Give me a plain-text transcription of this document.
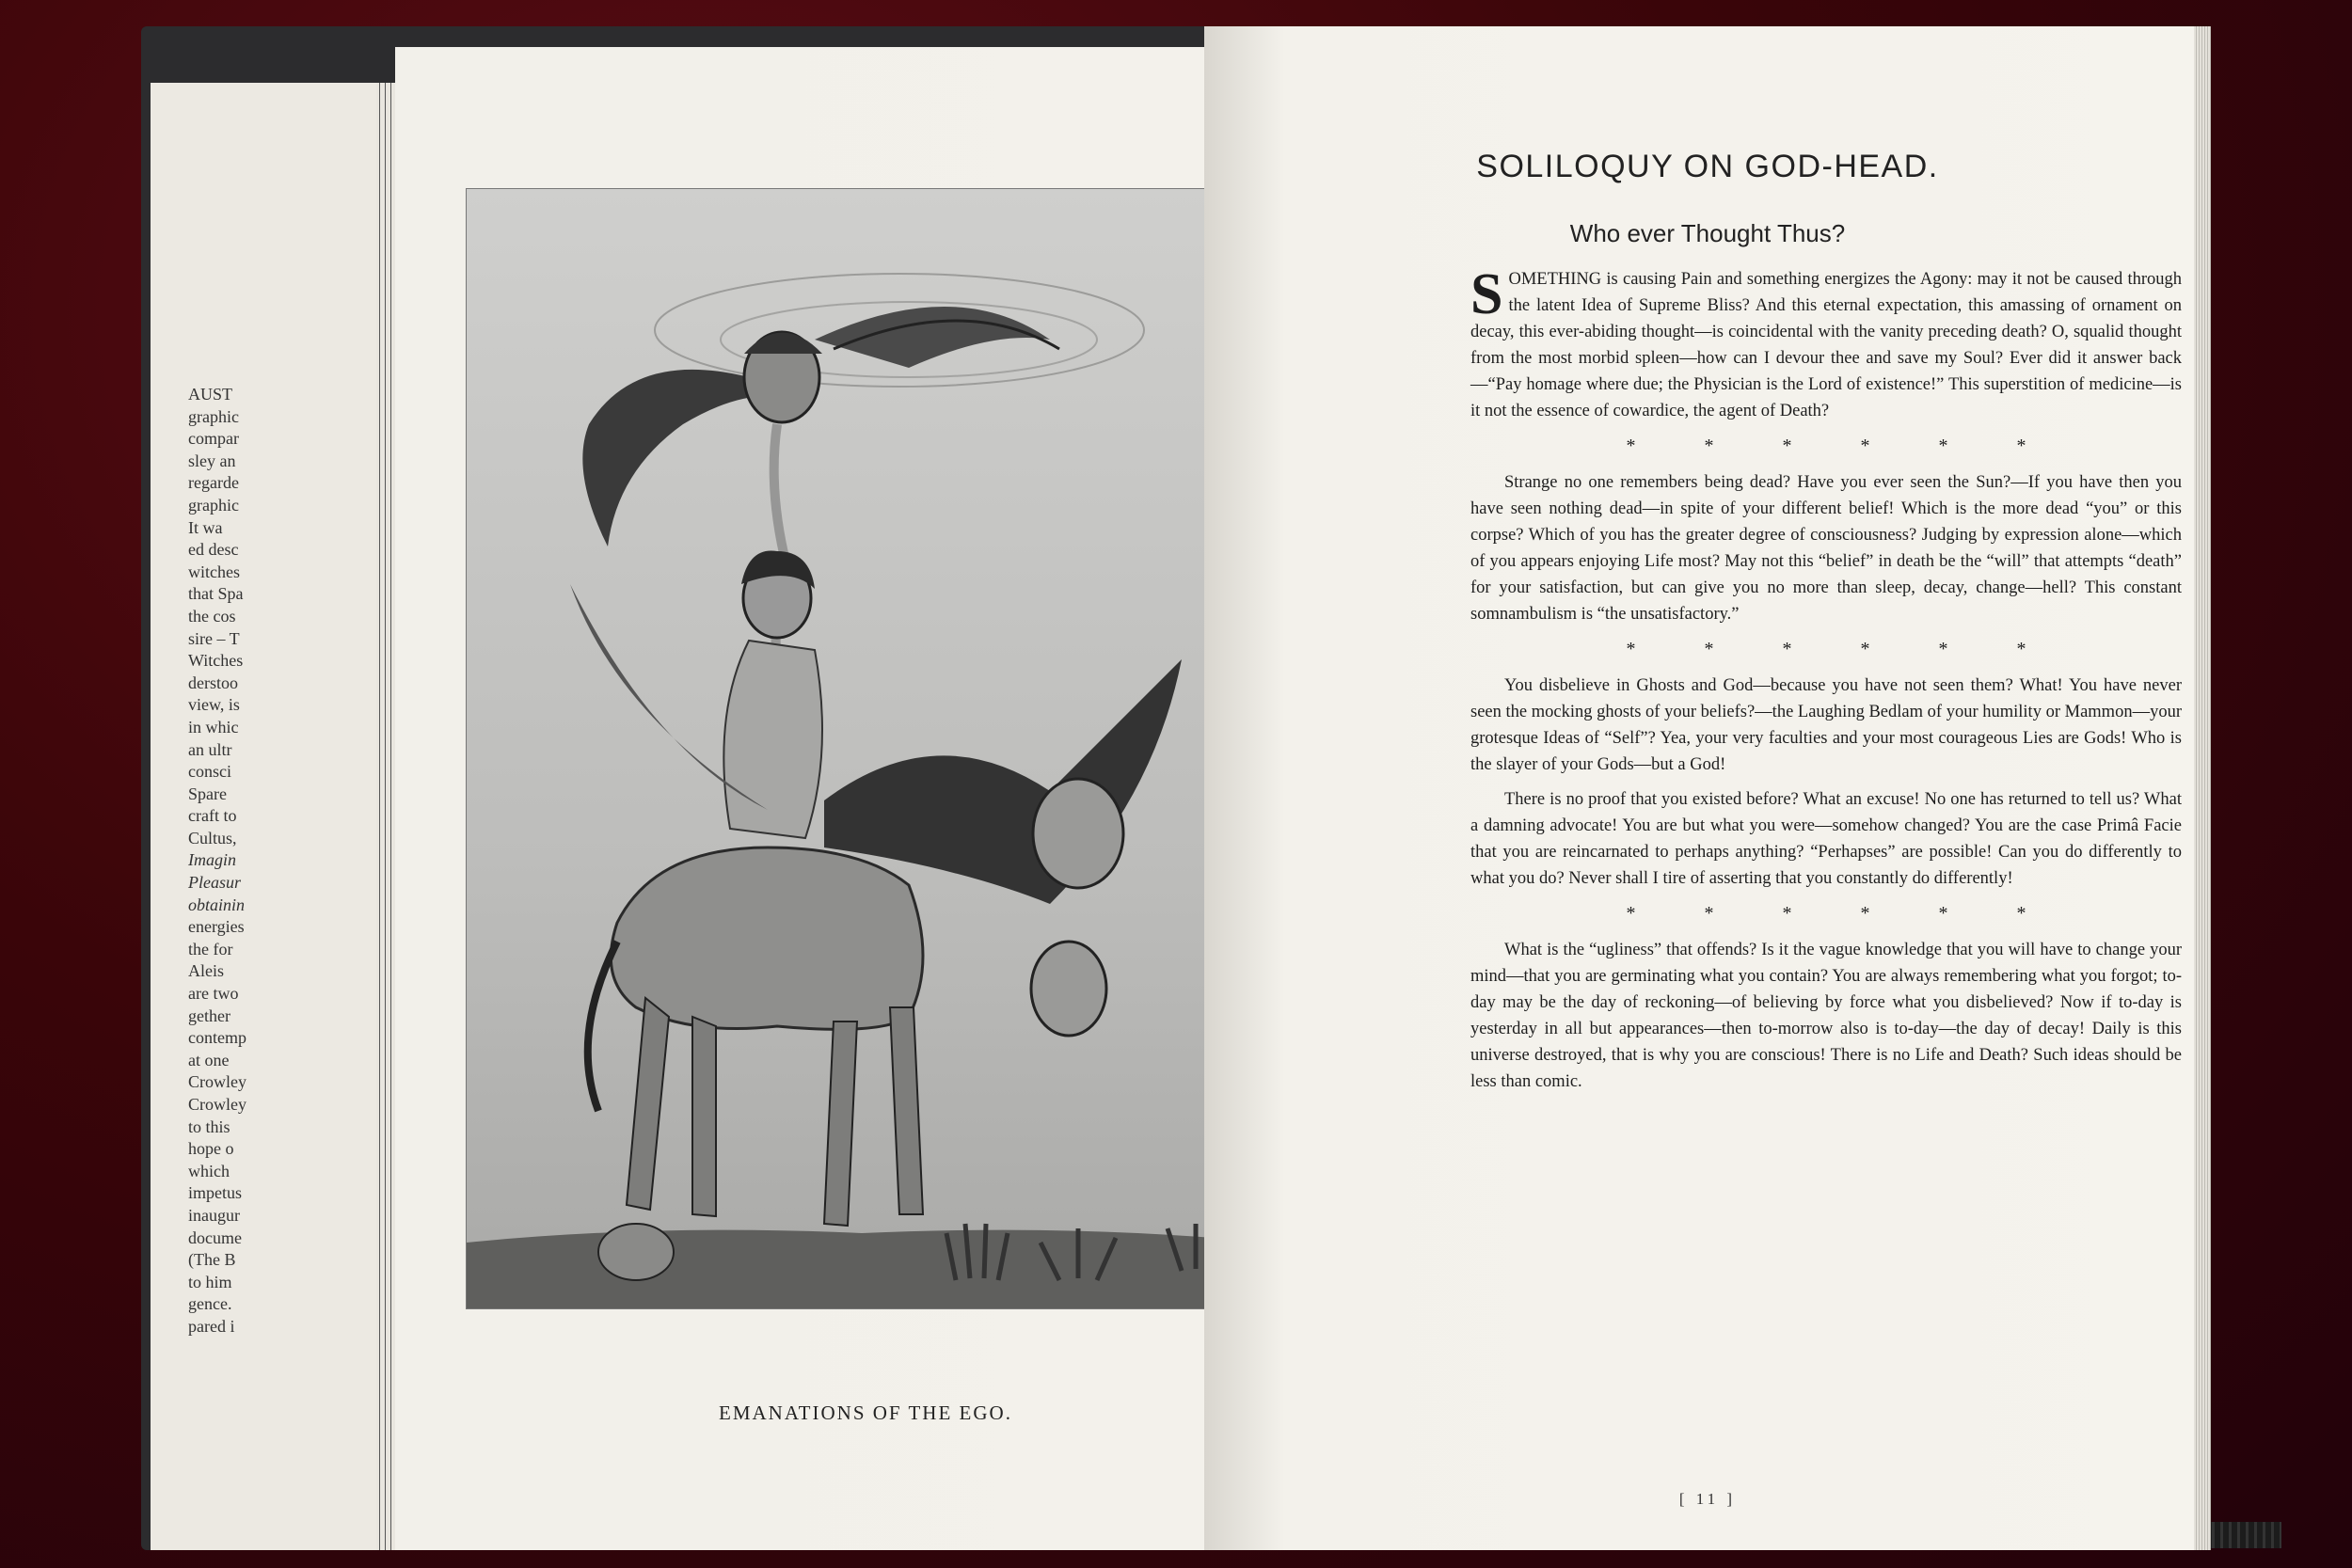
AUST
graphic
compar
sley an
regarde
graphic
It wa
ed desc
witches
that Spa
the cos
sire – T
Witches
derstoo
view, is
in whic
an ultr
consci
Spare
craft to
Cultus,
Imagin
Pleasur
obtainin
energies
the for
Aleis
are two
gether
contemp
at one
Crowley
Crowley
to this
hope o
which
impetus
inaugur
docume
(The B
to him
gence.
pared i
EMANATIONS OF THE EGO.
SOLILOQUY ON GOD-HEAD.
Who ever Thought Thus?

SOMETHING is causing Pain and something energizes the Agony: may it not be caused through the latent Idea of Supreme Bliss? And this eternal expectation, this amassing of ornament on decay, this ever-abiding thought—is coincidental with the vanity preceding death? O, squalid thought from the most morbid spleen—how can I devour thee and save my Soul? Ever did it answer back—“Pay homage where due; the Physician is the Lord of existence!” This superstition of medicine—is it not the essence of cowardice, the agent of Death?

* * * * * *

Strange no one remembers being dead? Have you ever seen the Sun?—If you have then you have seen nothing dead—in spite of your different belief! Which is the more dead “you” or this corpse? Which of you has the greater degree of consciousness? Judging by expression alone—which of you appears enjoying Life most? May not this “belief” in death be the “will” that attempts “death” for your satisfaction, but can give you no more than sleep, decay, change—hell? This constant somnambulism is “the unsatisfactory.”

* * * * * *

You disbelieve in Ghosts and God—because you have not seen them? What! You have never seen the mocking ghosts of your beliefs?—the Laughing Bedlam of your humility or Mammon—your grotesque Ideas of “Self”? Yea, your very faculties and your most courageous Lies are Gods! Who is the slayer of your Gods—but a God!

There is no proof that you existed before? What an excuse! No one has returned to tell us? What a damning advocate! You are but what you were—somehow changed? You are the case Primâ Facie that you are reincarnated to perhaps anything? “Perhapses” are possible! Can you do differently to what you do? Never shall I tire of asserting that you constantly do differently!

* * * * * *

What is the “ugliness” that offends? Is it the vague knowledge that you will have to change your mind—that you are germinating what you contain? You are always remembering what you forgot; to-day may be the day of reckoning—of believing by force what you disbelieved? Now if to-day is yesterday in all but appearances—then to-morrow also is to-day—the day of decay! Daily is this universe destroyed, that is why you are conscious! There is no Life and Death? Such ideas should be less than comic.

[ 11 ]
